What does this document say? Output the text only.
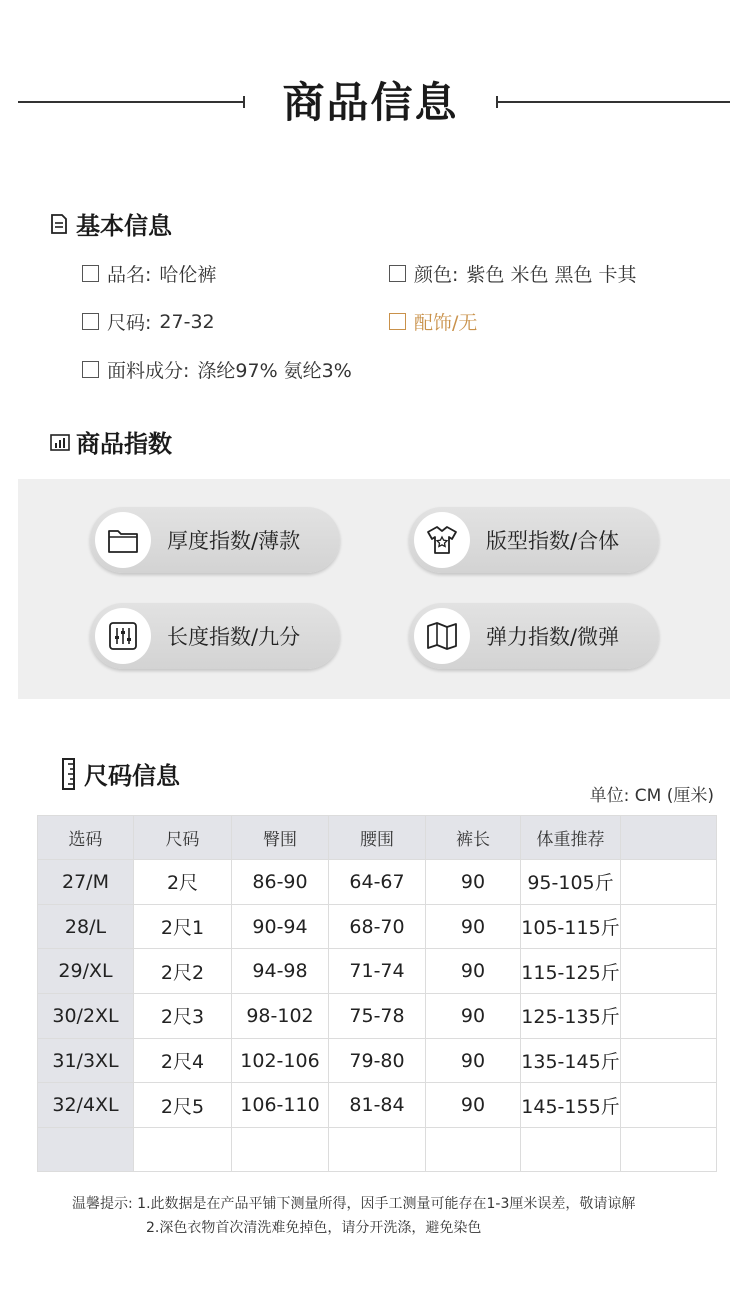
商品信息
基本信息
品名: 哈伦裤	颜色: 紫色 米色 黑色 卡其
尺码: 27-32	配饰/无
面料成分: 涤纶97% 氨纶3%
商品指数
厚度指数/薄款	版型指数/合体
长度指数/九分	弹力指数/微弹
尺码信息
单位: CM (厘米)
选码	尺码	臀围	腰围	裤长	体重推荐	
27/M	2尺	86-90	64-67	90	95-105斤	
28/L	2尺1	90-94	68-70	90	105-115斤	
29/XL	2尺2	94-98	71-74	90	115-125斤	
30/2XL	2尺3	98-102	75-78	90	125-135斤	
31/3XL	2尺4	102-106	79-80	90	135-145斤	
32/4XL	2尺5	106-110	81-84	90	145-155斤	

温馨提示: 1.此数据是在产品平铺下测量所得，因手工测量可能存在1-3厘米误差，敬请谅解
2.深色衣物首次清洗难免掉色，请分开洗涤，避免染色
